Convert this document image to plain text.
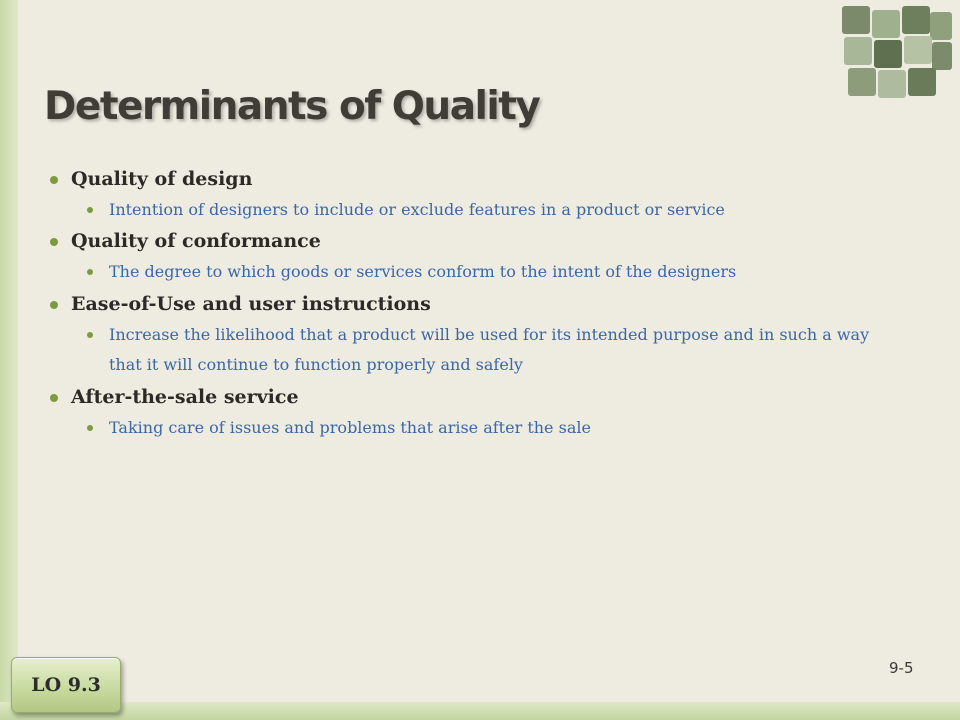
Determinants of Quality
Quality of design
Intention of designers to include or exclude features in a product or service
Quality of conformance
The degree to which goods or services conform to the intent of the designers
Ease-of-Use and user instructions
Increase the likelihood that a product will be used for its intended purpose and in such a way that it will continue to function properly and safely
After-the-sale service
Taking care of issues and problems that arise after the sale
9-5
LO 9.3
